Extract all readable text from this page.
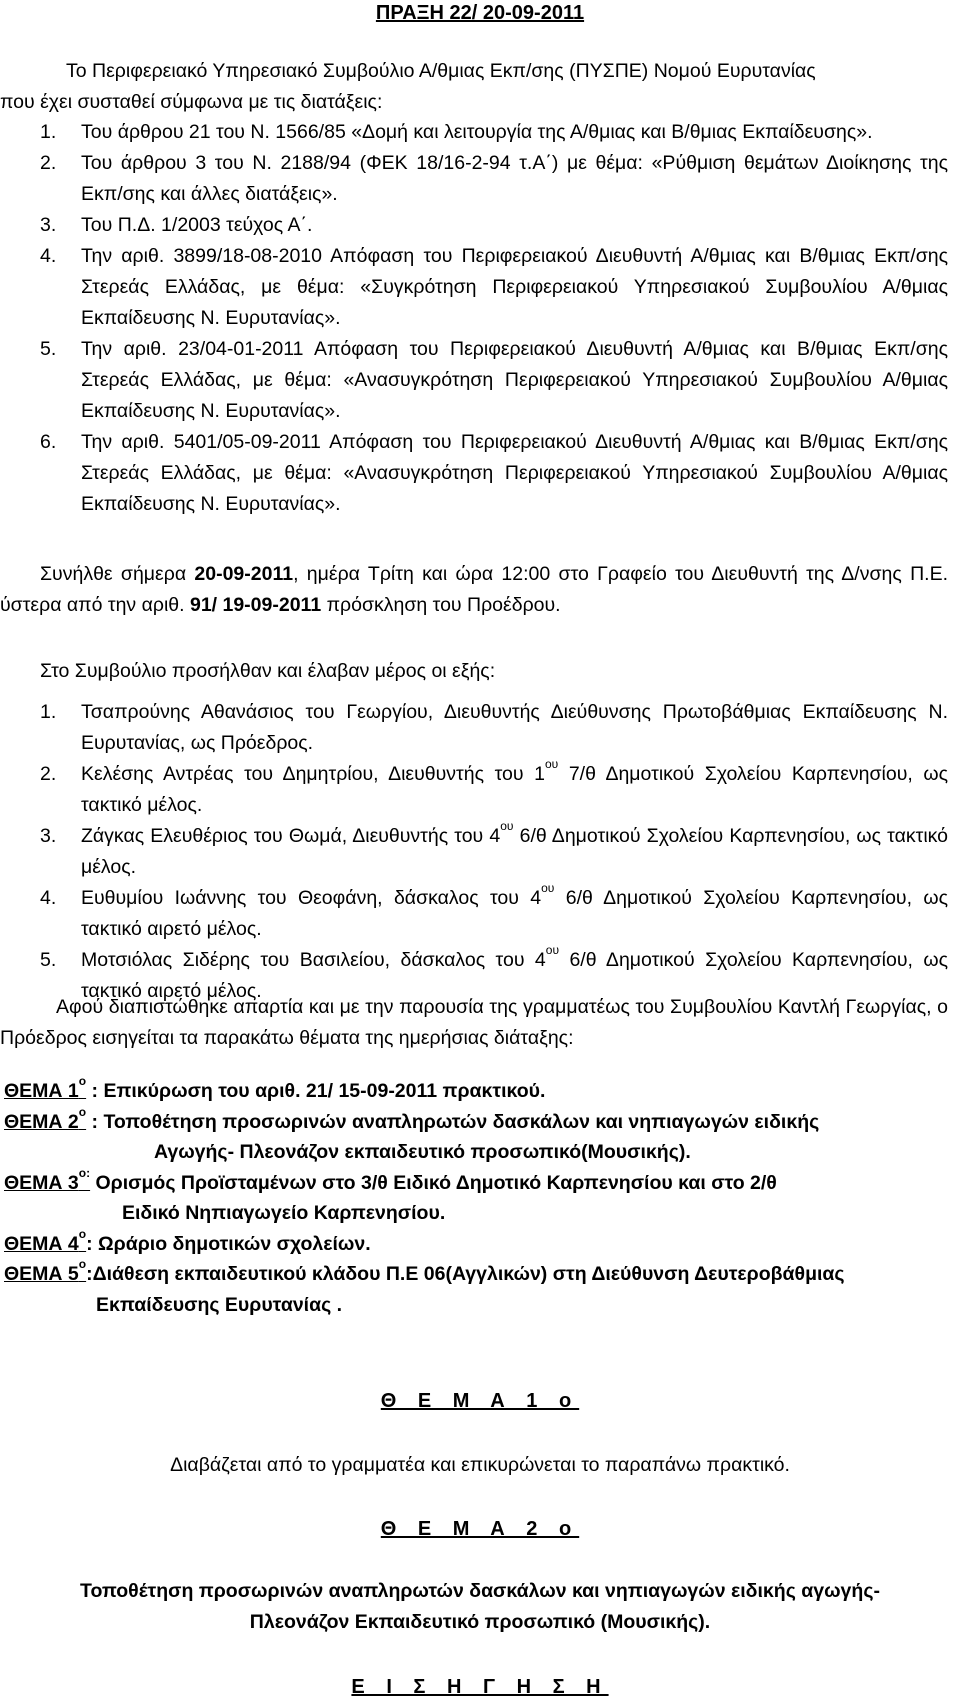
ΠΡΑΞΗ 22/ 20-09-2011
Το Περιφερειακό Υπηρεσιακό Συμβούλιο Α/θμιας Εκπ/σης (ΠΥΣΠΕ) Νομού Ευρυτανίας
που έχει συσταθεί σύμφωνα με τις διατάξεις:
1. Του άρθρου 21 του Ν. 1566/85 «Δομή και λειτουργία της Α/θμιας και Β/θμιας Εκπαίδευσης».
2. Του άρθρου 3 του Ν. 2188/94 (ΦΕΚ 18/16-2-94 τ.Α΄) με θέμα: «Ρύθμιση θεμάτων Διοίκησης της Εκπ/σης και άλλες διατάξεις».
3. Του Π.Δ. 1/2003 τεύχος Α΄.
4. Την αριθ. 3899/18-08-2010 Απόφαση του Περιφερειακού Διευθυντή Α/θμιας και Β/θμιας Εκπ/σης Στερεάς Ελλάδας, με θέμα: «Συγκρότηση Περιφερειακού Υπηρεσιακού Συμβουλίου Α/θμιας Εκπαίδευσης Ν. Ευρυτανίας».
5. Την αριθ. 23/04-01-2011 Απόφαση του Περιφερειακού Διευθυντή Α/θμιας και Β/θμιας Εκπ/σης Στερεάς Ελλάδας, με θέμα: «Ανασυγκρότηση Περιφερειακού Υπηρεσιακού Συμβουλίου Α/θμιας Εκπαίδευσης Ν. Ευρυτανίας».
6. Την αριθ. 5401/05-09-2011 Απόφαση του Περιφερειακού Διευθυντή Α/θμιας και Β/θμιας Εκπ/σης Στερεάς Ελλάδας, με θέμα: «Ανασυγκρότηση Περιφερειακού Υπηρεσιακού Συμβουλίου Α/θμιας Εκπαίδευσης Ν. Ευρυτανίας».
Συνήλθε σήμερα 20-09-2011, ημέρα Τρίτη και ώρα 12:00 στο Γραφείο του Διευθυντή της Δ/νσης Π.Ε. ύστερα από την αριθ. 91/ 19-09-2011 πρόσκληση του Προέδρου.
Στο Συμβούλιο προσήλθαν και έλαβαν μέρος οι εξής:
1. Τσαπρούνης Αθανάσιος του Γεωργίου, Διευθυντής Διεύθυνσης Πρωτοβάθμιας Εκπαίδευσης Ν. Ευρυτανίας, ως Πρόεδρος.
2. Κελέσης Αντρέας του Δημητρίου, Διευθυντής του $1^{o\upsilon}$ 7/θ Δημοτικού Σχολείου Καρπενησίου, ως τακτικό μέλος.
3. Ζάγκας Ελευθέριος του Θωμά, Διευθυντής του $4^{o\upsilon}$ 6/θ Δημοτικού Σχολείου Καρπενησίου, ως τακτικό μέλος.
4. Ευθυμίου Ιωάννης του Θεοφάνη, δάσκαλος του $4^{o\upsilon}$ 6/θ Δημοτικού Σχολείου Καρπενησίου, ως τακτικό αιρετό μέλος.
5. Μοτσιόλας Σιδέρης του Βασιλείου, δάσκαλος του $4^{o\upsilon}$ 6/θ Δημοτικού Σχολείου Καρπενησίου, ως τακτικό αιρετό μέλος.
Αφού διαπιστώθηκε απαρτία και με την παρουσία της γραμματέως του Συμβουλίου Καντλή Γεωργίας, ο Πρόεδρος εισηγείται τα παρακάτω θέματα της ημερήσιας διάταξης:
ΘΕΜΑ $1^o$ : Επικύρωση του αριθ. 21/ 15-09-2011 πρακτικού.
ΘΕΜΑ $2^o$ : Τοποθέτηση προσωρινών αναπληρωτών δασκάλων και νηπιαγωγών ειδικής
Αγωγής- Πλεονάζον εκπαιδευτικό προσωπικό(Μουσικής).
ΘΕΜΑ $3^{o:}$ Ορισμός Προϊσταμένων στο 3/θ Ειδικό Δημοτικό Καρπενησίου και στο 2/θ
Ειδικό Νηπιαγωγείο Καρπενησίου.
ΘΕΜΑ $4^o$: Ωράριο δημοτικών σχολείων.
ΘΕΜΑ $5^o:\Delta\iota ά\theta\varepsilon\sigma\eta$ εκπαιδευτικού κλάδου Π.Ε 06(Αγγλικών) στη Διεύθυνση Δευτεροβάθμιας
Εκπαίδευσης Ευρυτανίας .
Θ Ε Μ Α 1 ο
Διαβάζεται από το γραμματέα και επικυρώνεται το παραπάνω πρακτικό.
Θ Ε Μ Α 2 ο
Τοποθέτηση προσωρινών αναπληρωτών δασκάλων και νηπιαγωγών ειδικής αγωγής-
Πλεονάζον Εκπαιδευτικό προσωπικό (Μουσικής).
Ε Ι Σ Η Γ Η Σ Η
